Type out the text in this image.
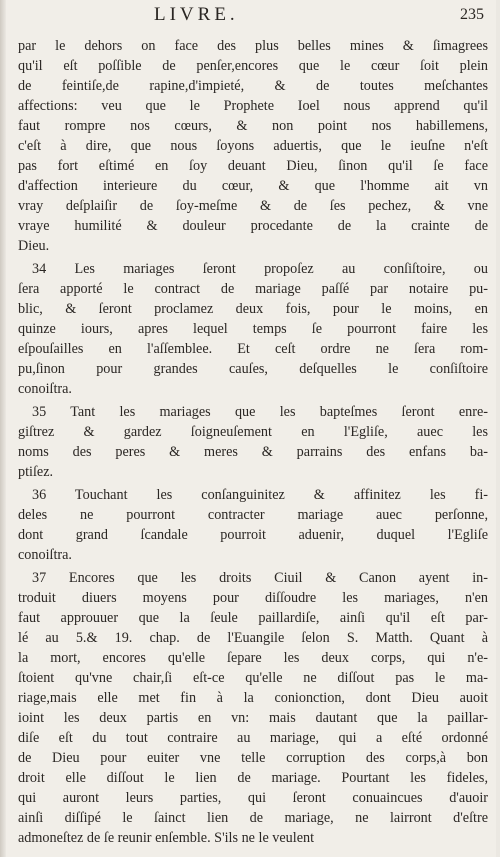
LIVRE.	235
par le dehors on face des plus belles mines & ſimagrees
qu'il eſt poſſible de penſer,encores que le cœur ſoit plein
de feintiſe,de rapine,d'impieté, & de toutes meſchantes
affections: veu que le Prophete Ioel nous apprend qu'il
faut rompre nos cœurs, & non point nos habillemens,
c'eſt à dire, que nous ſoyons aduertis, que le ieuſne n'eſt
pas fort eſtimé en ſoy deuant Dieu, ſinon qu'il ſe face
d'affection interieure du cœur, & que l'homme ait vn
vray deſplaiſir de ſoy-meſme & de ſes pechez, & vne
vraye humilité & douleur procedante de la crainte de
Dieu.
34 Les mariages ſeront propoſez au conſiſtoire, ou
ſera apporté le contract de mariage paſſé par notaire pu-
blic, & ſeront proclamez deux fois, pour le moins, en
quinze iours, apres lequel temps ſe pourront faire les
eſpouſailles en l'aſſemblee. Et ceſt ordre ne ſera rom-
pu,ſinon pour grandes cauſes, deſquelles le conſiſtoire
conoiſtra.
35 Tant les mariages que les bapteſmes ſeront enre-
giſtrez & gardez ſoigneuſement en l'Egliſe, auec les
noms des peres & meres & parrains des enfans ba-
ptiſez.
36 Touchant les conſanguinitez & affinitez les fi-
deles ne pourront contracter mariage auec perſonne,
dont grand ſcandale pourroit aduenir, duquel l'Egliſe
conoiſtra.
37 Encores que les droits Ciuil & Canon ayent in-
troduit diuers moyens pour diſſoudre les mariages, n'en
faut approuuer que la ſeule paillardiſe, ainſi qu'il eſt par-
lé au 5.& 19. chap. de l'Euangile ſelon S. Matth. Quant à
la mort, encores qu'elle ſepare les deux corps, qui n'e-
ſtoient qu'vne chair,ſi eſt-ce qu'elle ne diſſout pas le ma-
riage,mais elle met fin à la conionction, dont Dieu auoit
ioint les deux partis en vn: mais dautant que la paillar-
diſe eſt du tout contraire au mariage, qui a eſté ordonné
de Dieu pour euiter vne telle corruption des corps,à bon
droit elle diſſout le lien de mariage. Pourtant les fideles,
qui auront leurs parties, qui ſeront conuaincues d'auoir
ainſi diſſipé le ſainct lien de mariage, ne lairront d'eſtre
admoneſtez de ſe reunir enſemble. S'ils ne le veulent
